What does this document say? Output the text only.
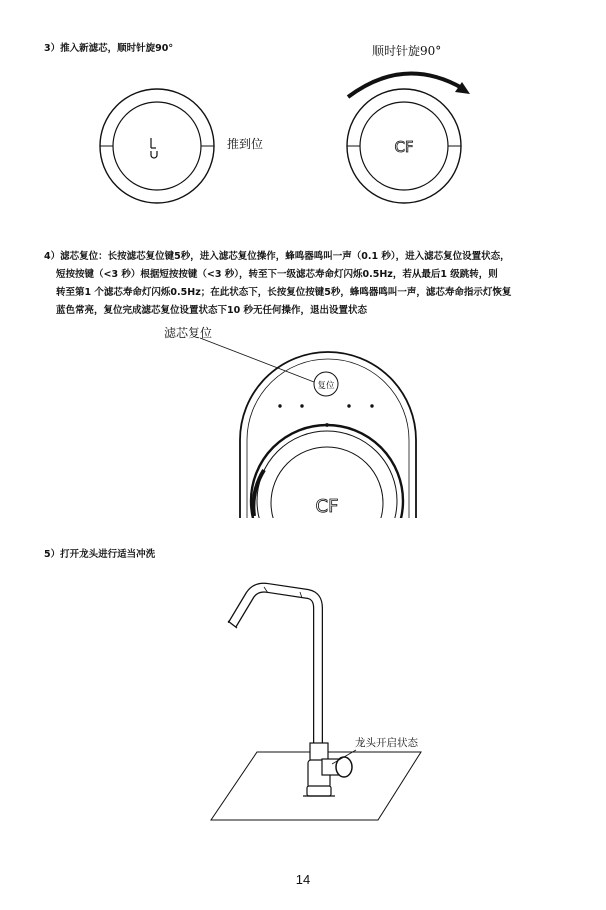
3）推入新滤芯，顺时针旋90°
CF
推到位
顺时针旋90°

4）滤芯复位：长按滤芯复位键5秒，进入滤芯复位操作，蜂鸣器鸣叫一声（0.1 秒），进入滤芯复位设置状态，

短按按键（<3 秒）根据短按按键（<3 秒），转至下一级滤芯寿命灯闪烁0.5Hz，若从最后1 级跳转，则

转至第1 个滤芯寿命灯闪烁0.5Hz；在此状态下，长按复位按键5秒，蜂鸣器鸣叫一声，滤芯寿命指示灯恢复

蓝色常亮，复位完成滤芯复位设置状态下10 秒无任何操作，退出设置状态

复位
CF
滤芯复位
5）打开龙头进行适当冲洗
龙头开启状态
14
